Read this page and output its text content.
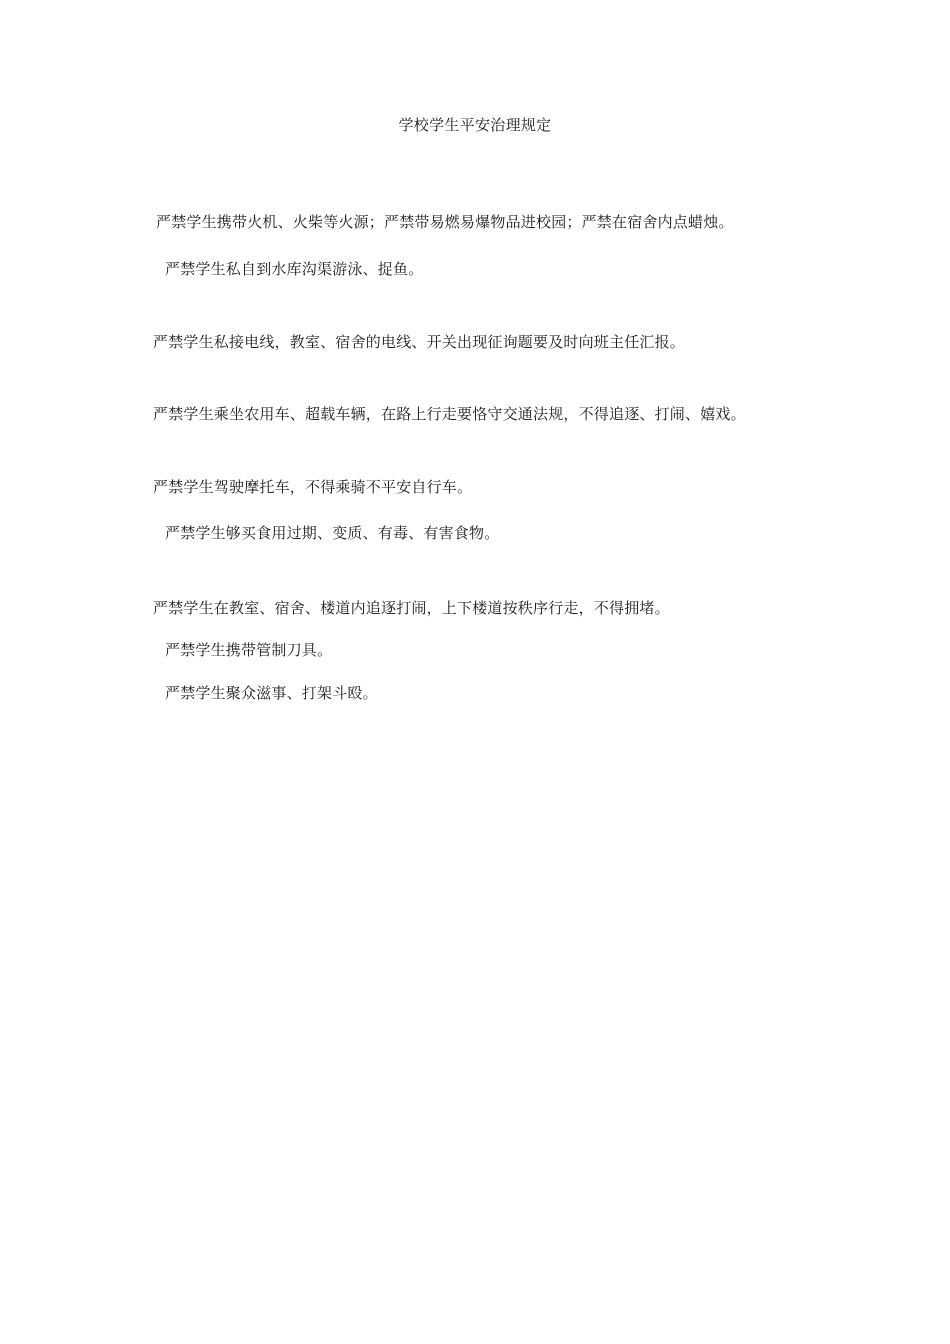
学校学生平安治理规定
严禁学生携带火机、火柴等火源；严禁带易燃易爆物品进校园；严禁在宿舍内点蜡烛。
严禁学生私自到水库沟渠游泳、捉鱼。
严禁学生私接电线，教室、宿舍的电线、开关出现征询题要及时向班主任汇报。
严禁学生乘坐农用车、超载车辆，在路上行走要恪守交通法规，不得追逐、打闹、嬉戏。
严禁学生驾驶摩托车，不得乘骑不平安自行车。
严禁学生够买食用过期、变质、有毒、有害食物。
严禁学生在教室、宿舍、楼道内追逐打闹，上下楼道按秩序行走，不得拥堵。
严禁学生携带管制刀具。
严禁学生聚众滋事、打架斗殴。
